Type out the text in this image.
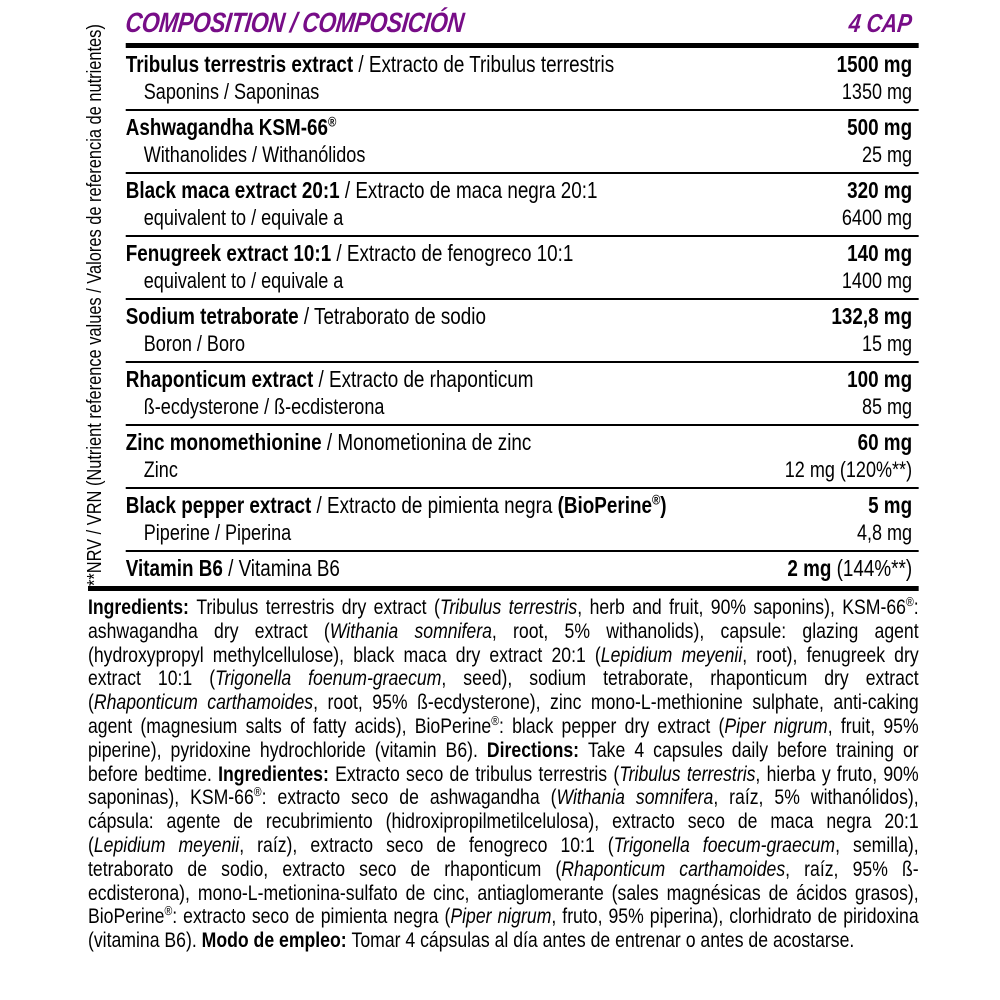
**NRV / VRN (Nutrient reference values / Valores de referencia de nutrientes)
COMPOSITION / COMPOSICIÓN	4 CAP
Tribulus terrestris extract / Extracto de Tribulus terrestris	1500 mg
Saponins / Saponinas	1350 mg
Ashwagandha KSM-66®	500 mg
Withanolides / Withanólidos	25 mg
Black maca extract 20:1 / Extracto de maca negra 20:1	320 mg
equivalent to / equivale a	6400 mg
Fenugreek extract 10:1 / Extracto de fenogreco 10:1	140 mg
equivalent to / equivale a	1400 mg
Sodium tetraborate / Tetraborato de sodio	132,8 mg
Boron / Boro	15 mg
Rhaponticum extract / Extracto de rhaponticum	100 mg
ß-ecdysterone / ß-ecdisterona	85 mg
Zinc monomethionine / Monometionina de zinc	60 mg
Zinc	12 mg (120%**)
Black pepper extract / Extracto de pimienta negra (BioPerine®)	5 mg
Piperine / Piperina	4,8 mg
Vitamin B6 / Vitamina B6	2 mg (144%**)

Ingredients: Tribulus terrestris dry extract (Tribulus terrestris, herb and fruit, 90% saponins), KSM-66®: ashwagandha dry extract (Withania somnifera, root, 5% withanolids), capsule: glazing agent (hydroxypropyl methylcellulose), black maca dry extract 20:1 (Lepidium meyenii, root), fenugreek dry extract 10:1 (Trigonella foenum-graecum, seed), sodium tetraborate, rhaponticum dry extract (Rhaponticum carthamoides, root, 95% ß-ecdysterone), zinc mono-L-methionine sulphate, anti-caking agent (magnesium salts of fatty acids), BioPerine®: black pepper dry extract (Piper nigrum, fruit, 95% piperine), pyridoxine hydrochloride (vitamin B6). Directions: Take 4 capsules daily before training or before bedtime. Ingredientes: Extracto seco de tribulus terrestris (Tribulus terrestris, hierba y fruto, 90% saponinas), KSM-66®: extracto seco de ashwagandha (Withania somnifera, raíz, 5% withanólidos), cápsula: agente de recubrimiento (hidroxipropilmetilcelulosa), extracto seco de maca negra 20:1 (Lepidium meyenii, raíz), extracto seco de fenogreco 10:1 (Trigonella foecum-graecum, semilla), tetraborato de sodio, extracto seco de rhaponticum (Rhaponticum carthamoides, raíz, 95% ß-ecdisterona), mono-L-metionina-sulfato de cinc, antiaglomerante (sales magnésicas de ácidos grasos), BioPerine®: extracto seco de pimienta negra (Piper nigrum, fruto, 95% piperina), clorhidrato de piridoxina (vitamina B6). Modo de empleo: Tomar 4 cápsulas al día antes de entrenar o antes de acostarse.
